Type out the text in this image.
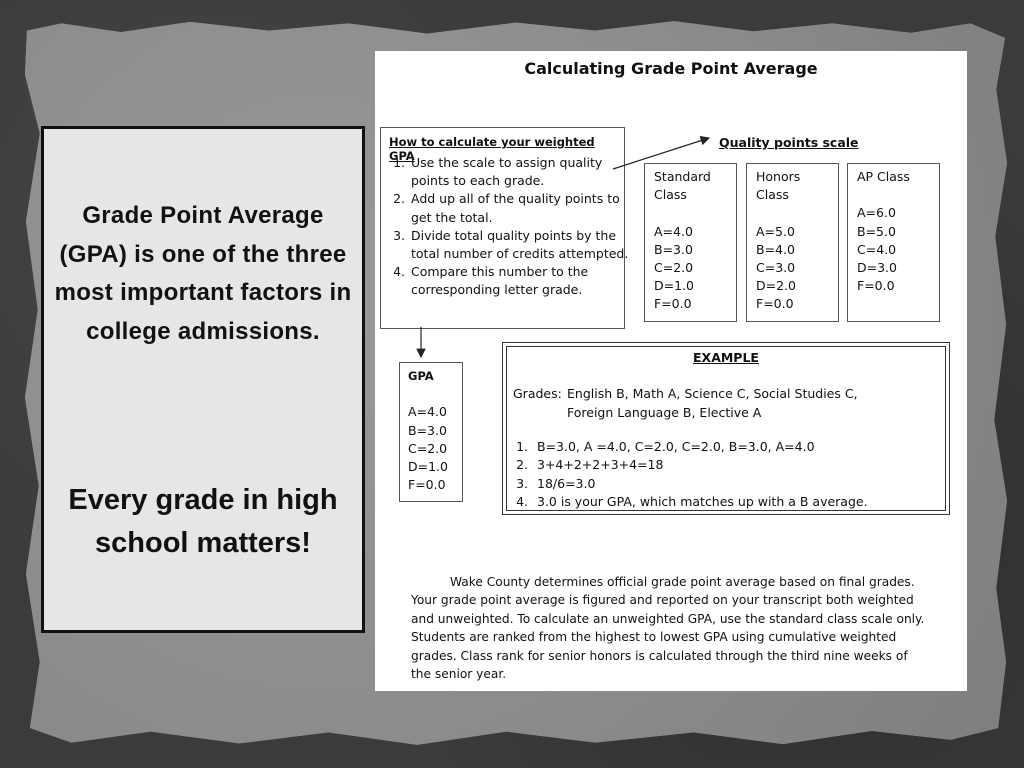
Grade Point Average (GPA) is one of the three most important factors in college admissions.
Every grade in high school matters!
Calculating Grade Point Average
How to calculate your weighted GPA
1. Use the scale to assign quality points to each grade.
2. Add up all of the quality points to get the total.
3. Divide total quality points by the total number of credits attempted.
4. Compare this number to the corresponding letter grade.
Quality points scale
Standard
Class

A=4.0
B=3.0
C=2.0
D=1.0
F=0.0
Honors
Class

A=5.0
B=4.0
C=3.0
D=2.0
F=0.0
AP Class

A=6.0
B=5.0
C=4.0
D=3.0
F=0.0
GPA

A=4.0
B=3.0
C=2.0
D=1.0
F=0.0
EXAMPLE
Grades: English B, Math A, Science C, Social Studies C,
Foreign Language B, Elective A
1. B=3.0, A =4.0, C=2.0, C=2.0, B=3.0, A=4.0
2. 3+4+2+2+3+4=18
3. 18/6=3.0
4. 3.0 is your GPA, which matches up with a B average.
Wake County determines official grade point average based on final grades. Your grade point average is figured and reported on your transcript both weighted and unweighted. To calculate an unweighted GPA, use the standard class scale only. Students are ranked from the highest to lowest GPA using cumulative weighted grades. Class rank for senior honors is calculated through the third nine weeks of the senior year.
